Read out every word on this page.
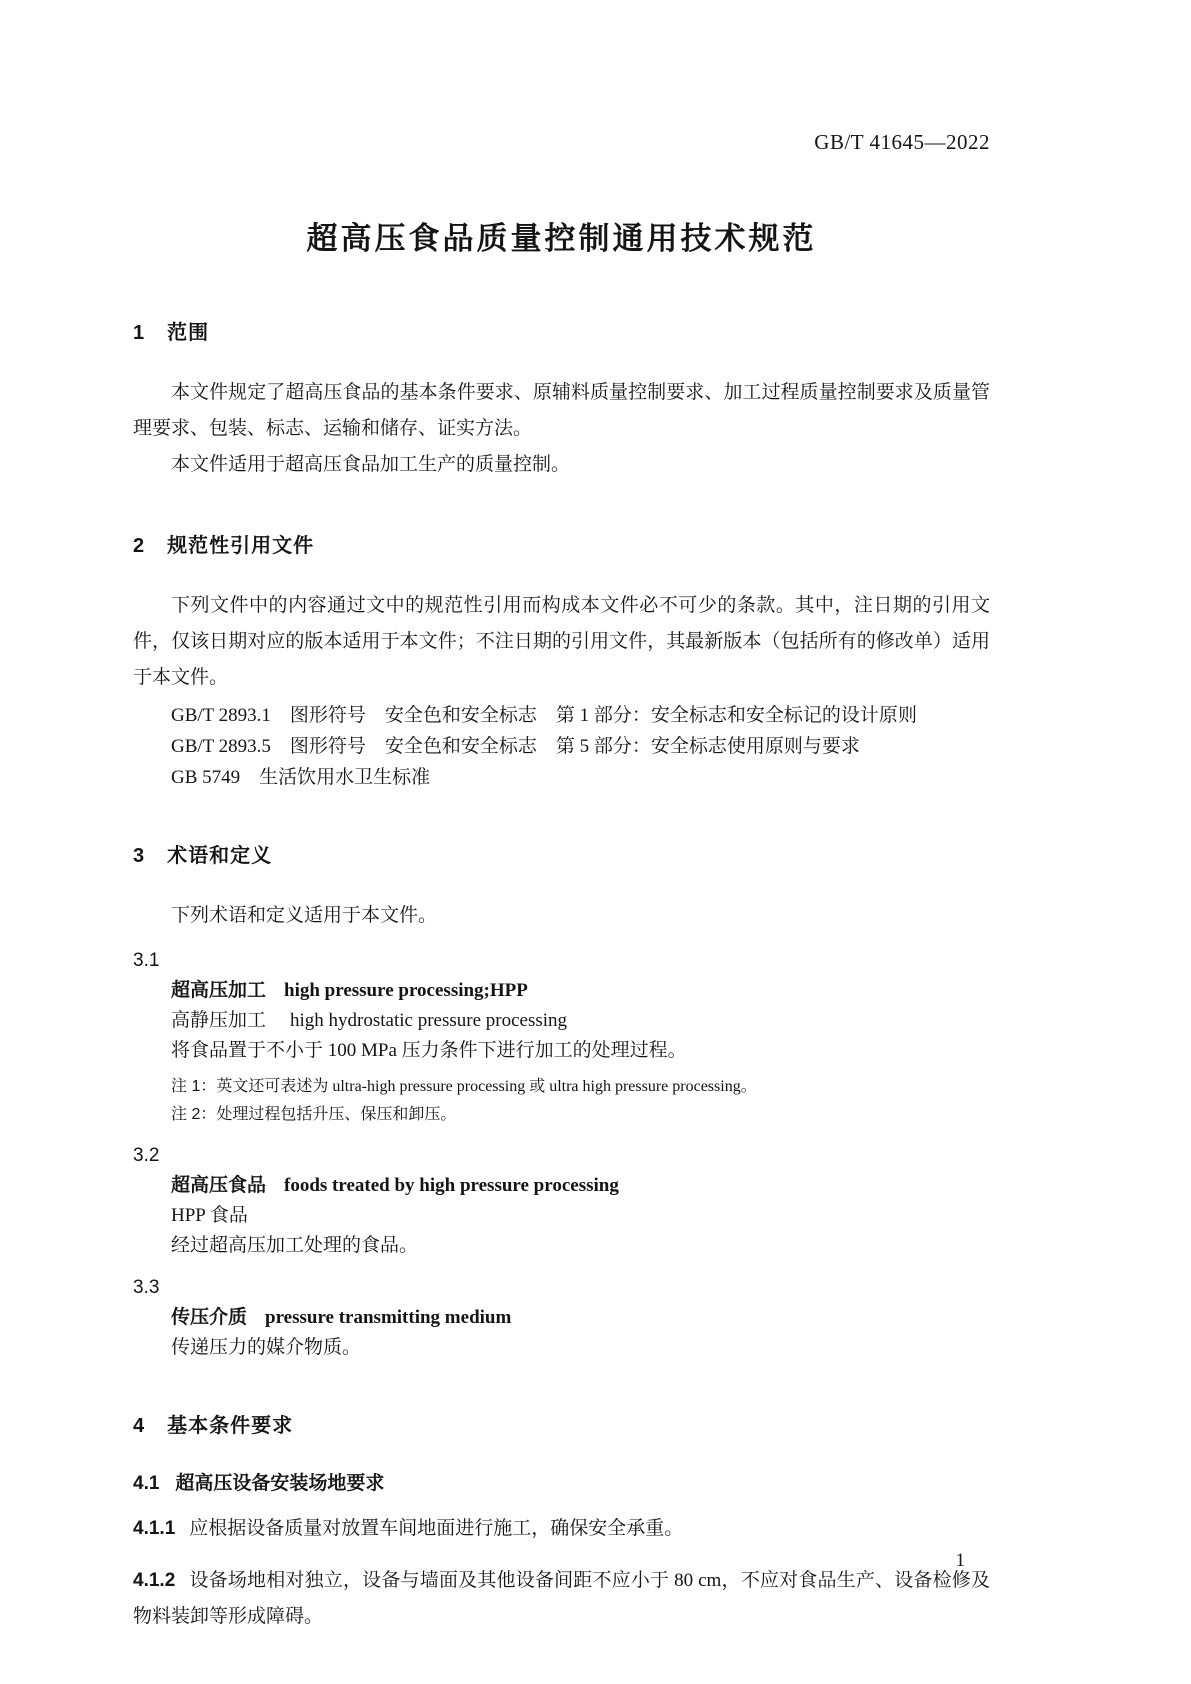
GB/T 41645—2022
超高压食品质量控制通用技术规范
1 范围

本文件规定了超高压食品的基本条件要求、原辅料质量控制要求、加工过程质量控制要求及质量管理要求、包装、标志、运输和储存、证实方法。

本文件适用于超高压食品加工生产的质量控制。

2 规范性引用文件

下列文件中的内容通过文中的规范性引用而构成本文件必不可少的条款。其中，注日期的引用文件，仅该日期对应的版本适用于本文件；不注日期的引用文件，其最新版本（包括所有的修改单）适用于本文件。

GB/T 2893.1　图形符号　安全色和安全标志　第 1 部分：安全标志和安全标记的设计原则
GB/T 2893.5　图形符号　安全色和安全标志　第 5 部分：安全标志使用原则与要求
GB 5749　生活饮用水卫生标准
3 术语和定义

下列术语和定义适用于本文件。

3.1
超高压加工 high pressure processing;HPP
高静压加工 high hydrostatic pressure processing
将食品置于不小于 100 MPa 压力条件下进行加工的处理过程。
注 1：英文还可表述为 ultra-high pressure processing 或 ultra high pressure processing。
注 2：处理过程包括升压、保压和卸压。
3.2
超高压食品 foods treated by high pressure processing
HPP 食品
经过超高压加工处理的食品。
3.3
传压介质 pressure transmitting medium
传递压力的媒介物质。
4 基本条件要求
4.1 超高压设备安装场地要求

4.1.1 应根据设备质量对放置车间地面进行施工，确保安全承重。

4.1.2 设备场地相对独立，设备与墙面及其他设备间距不应小于 80 cm，不应对食品生产、设备检修及物料装卸等形成障碍。

1
